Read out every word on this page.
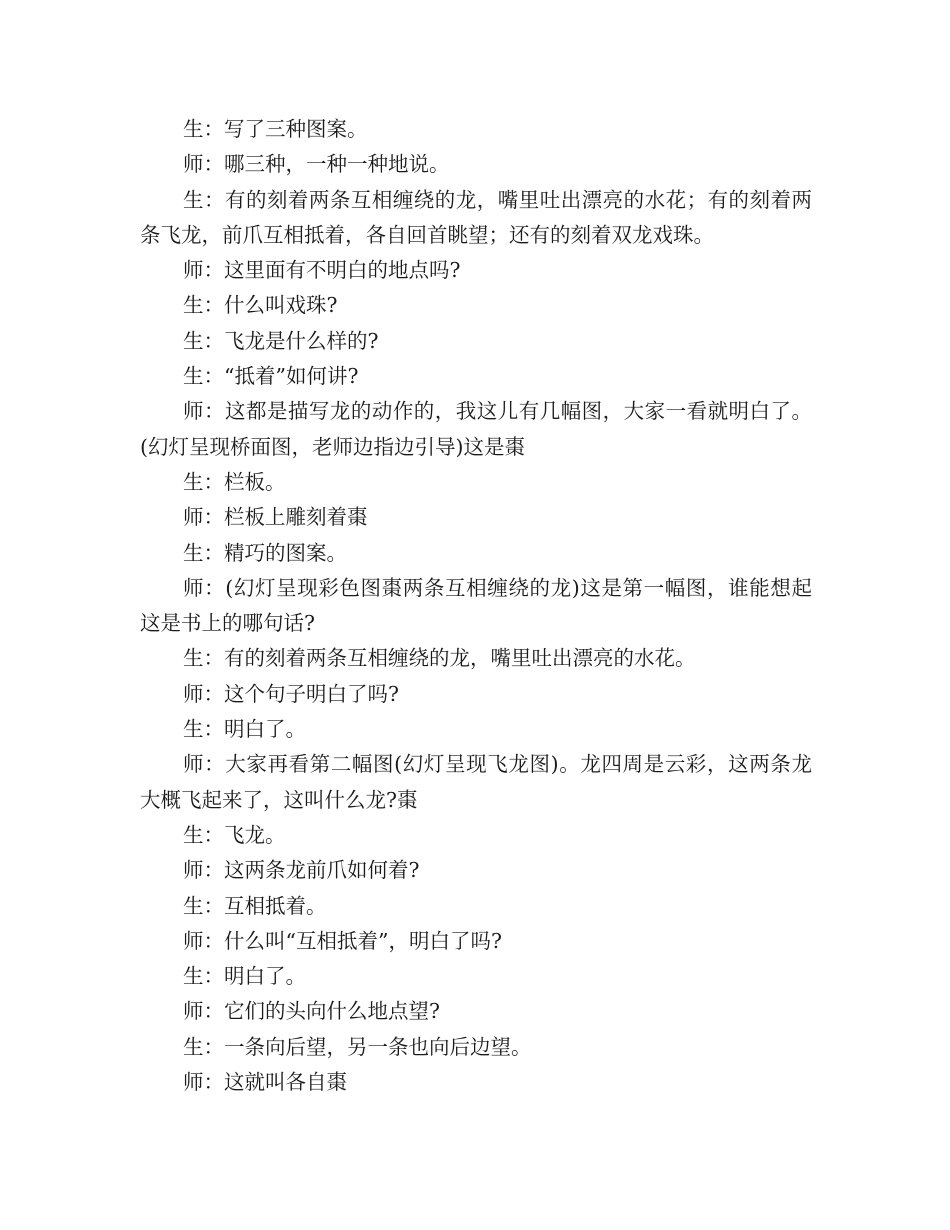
生：写了三种图案。

师：哪三种，一种一种地说。

生：有的刻着两条互相缠绕的龙，嘴里吐出漂亮的水花；有的刻着两条飞龙，前爪互相抵着，各自回首眺望；还有的刻着双龙戏珠。

师：这里面有不明白的地点吗?

生：什么叫戏珠?

生：飞龙是什么样的?

生：“抵着”如何讲?

师：这都是描写龙的动作的，我这儿有几幅图，大家一看就明白了。(幻灯呈现桥面图，老师边指边引导)这是棗

生：栏板。

师：栏板上雕刻着棗

生：精巧的图案。

师：(幻灯呈现彩色图棗两条互相缠绕的龙)这是第一幅图，谁能想起这是书上的哪句话?

生：有的刻着两条互相缠绕的龙，嘴里吐出漂亮的水花。

师：这个句子明白了吗?

生：明白了。

师：大家再看第二幅图(幻灯呈现飞龙图)。龙四周是云彩，这两条龙大概飞起来了，这叫什么龙?棗

生：飞龙。

师：这两条龙前爪如何着?

生：互相抵着。

师：什么叫“互相抵着”，明白了吗?

生：明白了。

师：它们的头向什么地点望?

生：一条向后望，另一条也向后边望。

师：这就叫各自棗
